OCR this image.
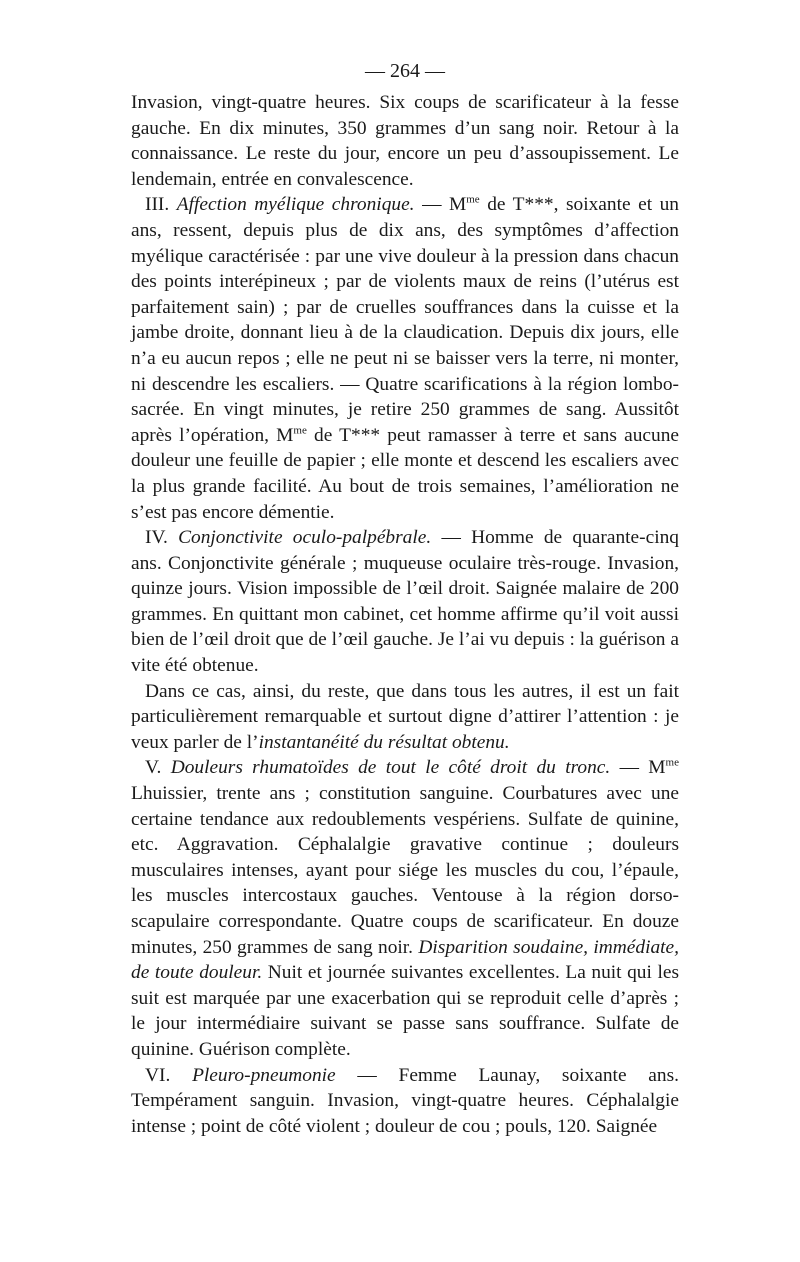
— 264 —

Invasion, vingt-quatre heures. Six coups de scarificateur à la fesse gauche. En dix minutes, 350 grammes d’un sang noir. Retour à la connaissance. Le reste du jour, encore un peu d’assoupissement. Le lendemain, entrée en convalescence.

III. Affection myélique chronique. — $M^{me}$ de T***, soixante et un ans, ressent, depuis plus de dix ans, des symptômes d’affection myélique caractérisée : par une vive douleur à la pression dans chacun des points interépineux ; par de violents maux de reins (l’utérus est parfaitement sain) ; par de cruelles souffrances dans la cuisse et la jambe droite, donnant lieu à de la claudication. Depuis dix jours, elle n’a eu aucun repos ; elle ne peut ni se baisser vers la terre, ni monter, ni descendre les escaliers. — Quatre scarifications à la région lombo-sacrée. En vingt minutes, je retire 250 grammes de sang. Aussitôt après l’opération, $M^{me}$ de T*** peut ramasser à terre et sans aucune douleur une feuille de papier ; elle monte et descend les escaliers avec la plus grande facilité. Au bout de trois semaines, l’amélioration ne s’est pas encore démentie.

IV. Conjonctivite oculo-palpébrale. — Homme de quarante-cinq ans. Conjonctivite générale ; muqueuse oculaire très-rouge. Invasion, quinze jours. Vision impossible de l’œil droit. Saignée malaire de 200 grammes. En quittant mon cabinet, cet homme affirme qu’il voit aussi bien de l’œil droit que de l’œil gauche. Je l’ai vu depuis : la guérison a vite été obtenue.

Dans ce cas, ainsi, du reste, que dans tous les autres, il est un fait particulièrement remarquable et surtout digne d’attirer l’attention : je veux parler de l’instantanéité du résultat obtenu.

V. Douleurs rhumatoïdes de tout le côté droit du tronc. — $M^{me}$ Lhuissier, trente ans ; constitution sanguine. Courbatures avec une certaine tendance aux redoublements vespériens. Sulfate de quinine, etc. Aggravation. Céphalalgie gravative continue ; douleurs musculaires intenses, ayant pour siége les muscles du cou, l’épaule, les muscles intercostaux gauches. Ventouse à la région dorso-scapulaire correspondante. Quatre coups de scarificateur. En douze minutes, 250 grammes de sang noir. Disparition soudaine, immédiate, de toute douleur. Nuit et journée suivantes excellentes. La nuit qui les suit est marquée par une exacerbation qui se reproduit celle d’après ; le jour intermédiaire suivant se passe sans souffrance. Sulfate de quinine. Guérison complète.

VI. Pleuro-pneumonie — Femme Launay, soixante ans. Tempérament sanguin. Invasion, vingt-quatre heures. Céphalalgie intense ; point de côté violent ; douleur de cou ; pouls, 120. Saignée
